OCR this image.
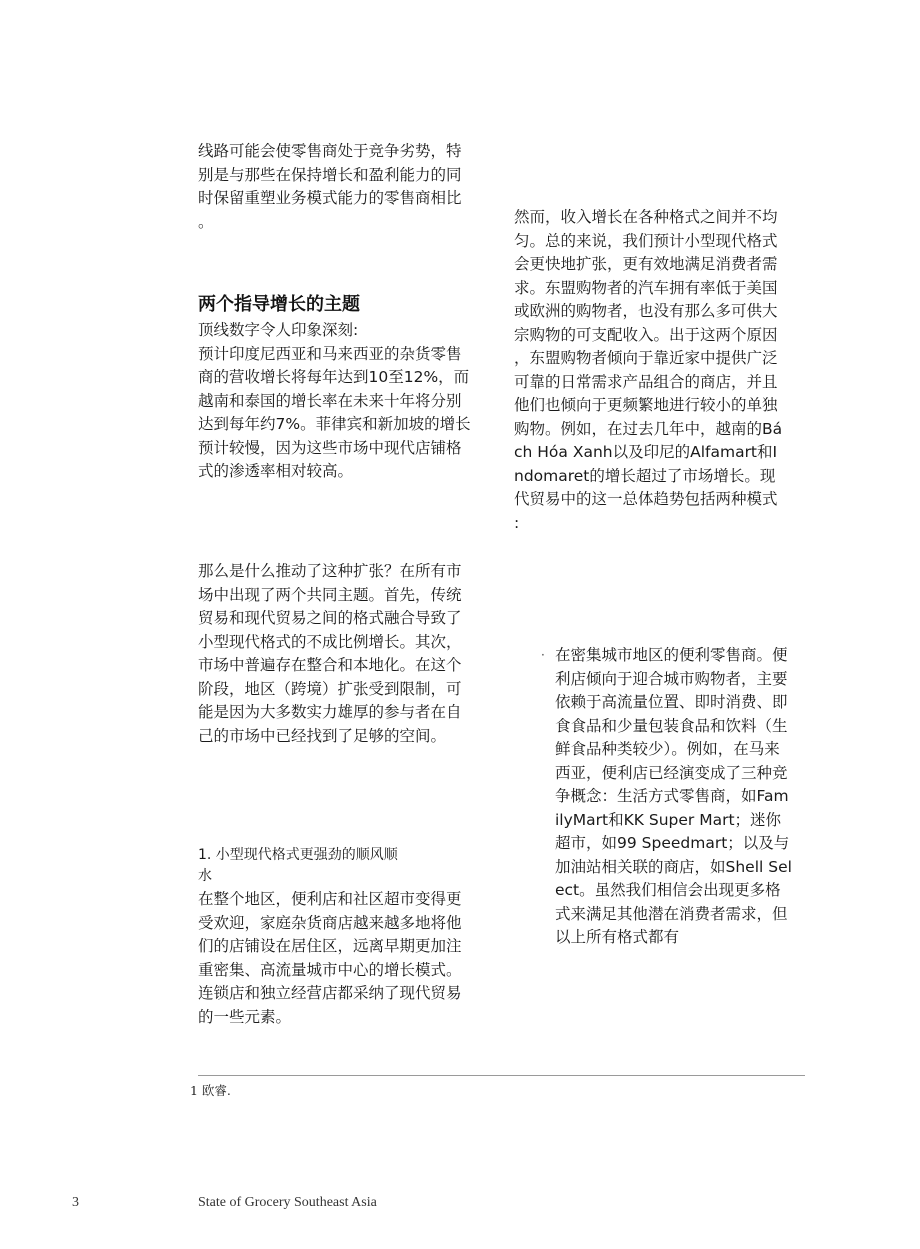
线路可能会使零售商处于竞争劣势，特
别是与那些在保持增长和盈利能力的同
时保留重塑业务模式能力的零售商相比
。

两个指导增长的主题

顶线数字令人印象深刻:
预计印度尼西亚和马来西亚的杂货零售
商的营收增长将每年达到10至12%，而
越南和泰国的增长率在未来十年将分别
达到每年约7%。菲律宾和新加坡的增长
预计较慢，因为这些市场中现代店铺格
式的渗透率相对较高。

那么是什么推动了这种扩张？在所有市
场中出现了两个共同主题。首先，传统
贸易和现代贸易之间的格式融合导致了
小型现代格式的不成比例增长。其次，
市场中普遍存在整合和本地化。在这个
阶段，地区（跨境）扩张受到限制，可
能是因为大多数实力雄厚的参与者在自
己的市场中已经找到了足够的空间。

1. 小型现代格式更强劲的顺风顺
水

在整个地区，便利店和社区超市变得更
受欢迎，家庭杂货商店越来越多地将他
们的店铺设在居住区，远离早期更加注
重密集、高流量城市中心的增长模式。
连锁店和独立经营店都采纳了现代贸易
的一些元素。

然而，收入增长在各种格式之间并不均
匀。总的来说，我们预计小型现代格式
会更快地扩张，更有效地满足消费者需
求。东盟购物者的汽车拥有率低于美国
或欧洲的购物者，也没有那么多可供大
宗购物的可支配收入。出于这两个原因
，东盟购物者倾向于靠近家中提供广泛
可靠的日常需求产品组合的商店，并且
他们也倾向于更频繁地进行较小的单独
购物。例如，在过去几年中，越南的Bá
ch Hóa Xanh以及印尼的Alfamart和I
ndomaret的增长超过了市场增长。现
代贸易中的这一总体趋势包括两种模式
:

· 在密集城市地区的便利零售商。便
利店倾向于迎合城市购物者，主要
依赖于高流量位置、即时消费、即
食食品和少量包装食品和饮料（生
鲜食品种类较少）。例如，在马来
西亚，便利店已经演变成了三种竞
争概念：生活方式零售商，如Fam
ilyMart和KK Super Mart；迷你
超市，如99 Speedmart；以及与
加油站相关联的商店，如Shell Sel
ect。虽然我们相信会出现更多格
式来满足其他潜在消费者需求，但
以上所有格式都有

1 欧睿.
3	State of Grocery Southeast Asia
